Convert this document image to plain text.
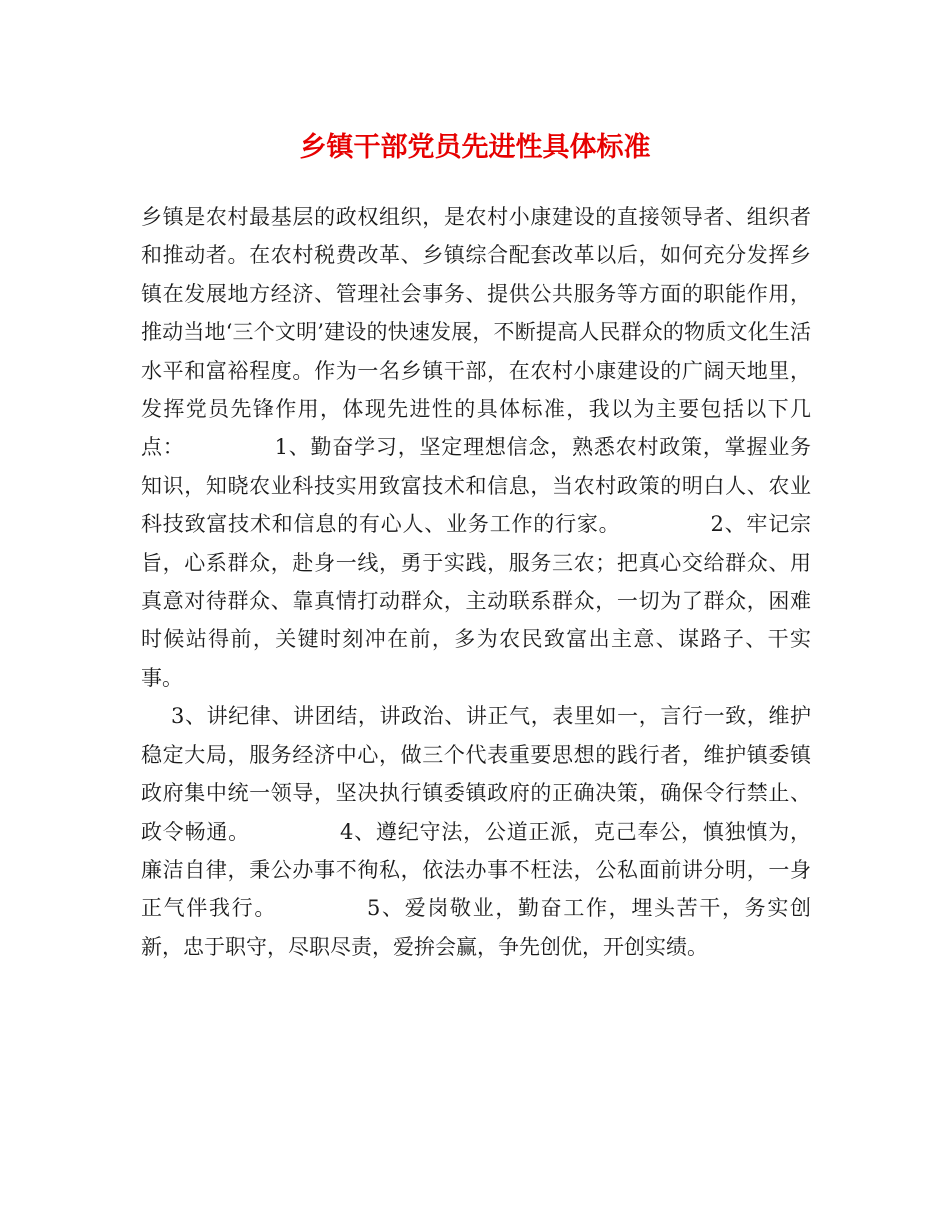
乡镇干部党员先进性具体标准

乡镇是农村最基层的政权组织，是农村小康建设的直接领导者、组织者和推动者。在农村税费改革、乡镇综合配套改革以后，如何充分发挥乡镇在发展地方经济、管理社会事务、提供公共服务等方面的职能作用，推动当地‘三个文明’建设的快速发展，不断提高人民群众的物质文化生活水平和富裕程度。作为一名乡镇干部，在农村小康建设的广阔天地里，发挥党员先锋作用，体现先进性的具体标准，我以为主要包括以下几点：	1、勤奋学习，坚定理想信念，熟悉农村政策，掌握业务知识，知晓农业科技实用致富技术和信息，当农村政策的明白人、农业科技致富技术和信息的有心人、业务工作的行家。	2、牢记宗旨，心系群众，赴身一线，勇于实践，服务三农；把真心交给群众、用真意对待群众、靠真情打动群众，主动联系群众，一切为了群众，困难时候站得前，关键时刻冲在前，多为农民致富出主意、谋路子、干实事。

3、讲纪律、讲团结，讲政治、讲正气，表里如一，言行一致，维护稳定大局，服务经济中心，做三个代表重要思想的践行者，维护镇委镇政府集中统一领导，坚决执行镇委镇政府的正确决策，确保令行禁止、政令畅通。	4、遵纪守法，公道正派，克己奉公，慎独慎为，廉洁自律，秉公办事不徇私，依法办事不枉法，公私面前讲分明，一身正气伴我行。	5、爱岗敬业，勤奋工作，埋头苦干，务实创新，忠于职守，尽职尽责，爱拚会赢，争先创优，开创实绩。
